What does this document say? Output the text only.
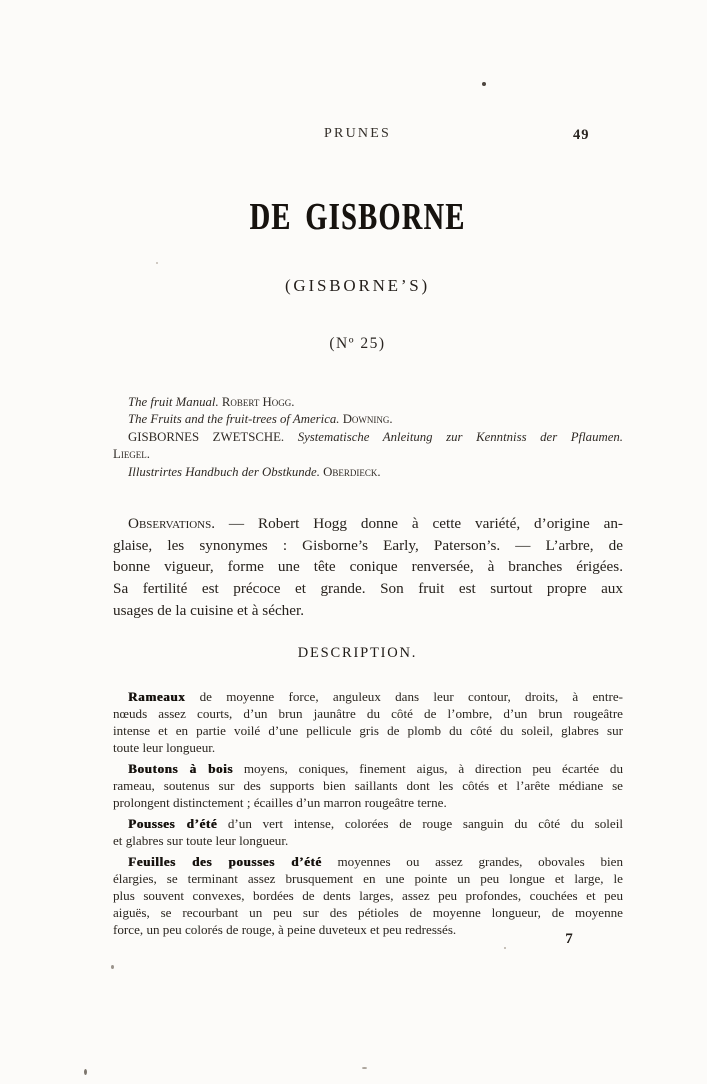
PRUNES	49
DE GISBORNE
(GISBORNE’S)
(Nº 25)
The fruit Manual. Robert Hogg.
The Fruits and the fruit-trees of America. Downing.
GISBORNES ZWETSCHE. Systematische Anleitung zur Kenntniss der Pflaumen.
Liegel.
Illustrirtes Handbuch der Obstkunde. Oberdieck.
Observations. — Robert Hogg donne à cette variété, d’origine an-
glaise, les synonymes : Gisborne’s Early, Paterson’s. — L’arbre, de
bonne vigueur, forme une tête conique renversée, à branches érigées.
Sa fertilité est précoce et grande. Son fruit est surtout propre aux
usages de la cuisine et à sécher.
DESCRIPTION.
Rameaux de moyenne force, anguleux dans leur contour, droits, à entre-
nœuds assez courts, d’un brun jaunâtre du côté de l’ombre, d’un brun rougeâtre
intense et en partie voilé d’une pellicule gris de plomb du côté du soleil, glabres sur
toute leur longueur.
Boutons à bois moyens, coniques, finement aigus, à direction peu écartée du
rameau, soutenus sur des supports bien saillants dont les côtés et l’arête médiane se
prolongent distinctement ; écailles d’un marron rougeâtre terne.
Pousses d’été d’un vert intense, colorées de rouge sanguin du côté du soleil
et glabres sur toute leur longueur.
Feuilles des pousses d’été moyennes ou assez grandes, obovales bien
élargies, se terminant assez brusquement en une pointe un peu longue et large, le
plus souvent convexes, bordées de dents larges, assez peu profondes, couchées et peu
aiguës, se recourbant un peu sur des pétioles de moyenne longueur, de moyenne
force, un peu colorés de rouge, à peine duveteux et peu redressés.
7
